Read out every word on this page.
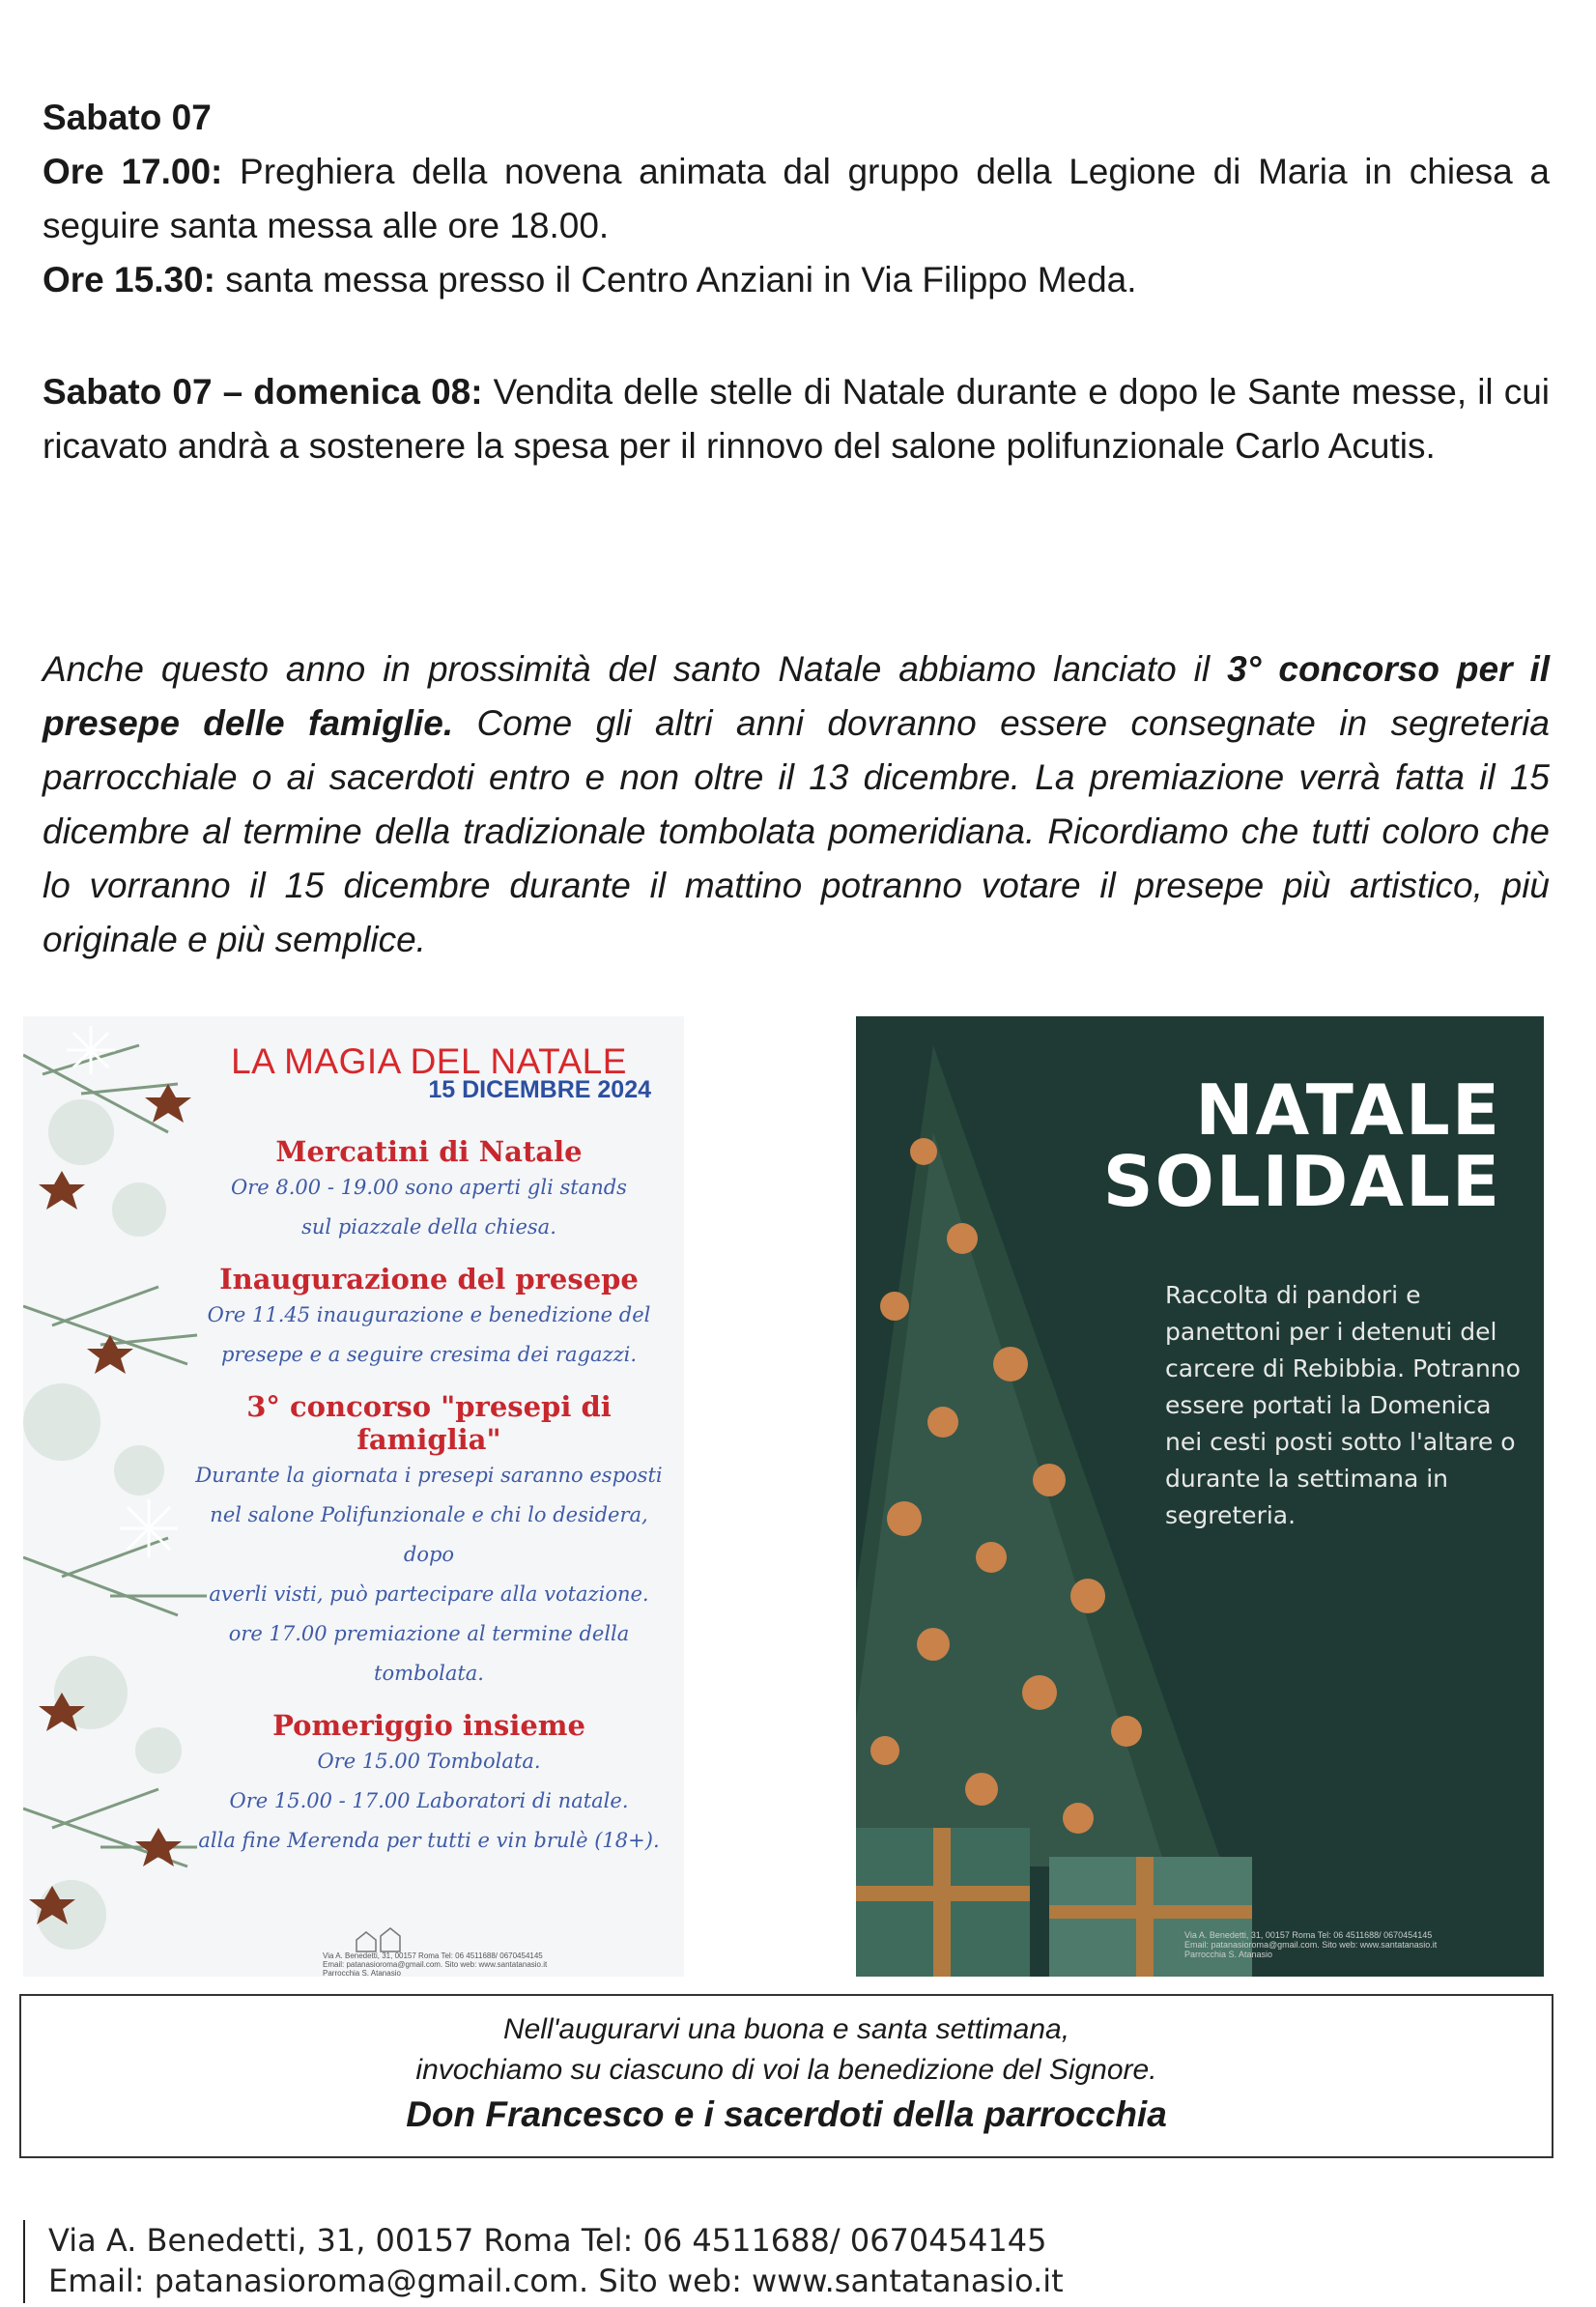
Sabato 07
Ore 17.00: Preghiera della novena animata dal gruppo della Legione di Maria in chiesa a seguire santa messa alle ore 18.00.
Ore 15.30: santa messa presso il Centro Anziani in Via Filippo Meda.
Sabato 07 – domenica 08: Vendita delle stelle di Natale durante e dopo le Sante messe, il cui ricavato andrà a sostenere la spesa per il rinnovo del salone polifunzionale Carlo Acutis.
Anche questo anno in prossimità del santo Natale abbiamo lanciato il 3° concorso per il presepe delle famiglie. Come gli altri anni dovranno essere consegnate in segreteria parrocchiale o ai sacerdoti entro e non oltre il 13 dicembre. La premiazione verrà fatta il 15 dicembre al termine della tradizionale tombolata pomeridiana. Ricordiamo che tutti coloro che lo vorranno il 15 dicembre durante il mattino potranno votare il presepe più artistico, più originale e più semplice.
LA MAGIA DEL NATALE
15 DICEMBRE 2024
Mercatini di Natale
Ore 8.00 - 19.00 sono aperti gli stands
sul piazzale della chiesa.
Inaugurazione del presepe
Ore 11.45 inaugurazione e benedizione del
presepe e a seguire cresima dei ragazzi.
3° concorso "presepi di
famiglia"
Durante la giornata i presepi saranno esposti
nel salone Polifunzionale e chi lo desidera, dopo
averli visti, può partecipare alla votazione.
ore 17.00 premiazione al termine della
tombolata.
Pomeriggio insieme
Ore 15.00 Tombolata.
Ore 15.00 - 17.00 Laboratori di natale.
alla fine Merenda per tutti e vin brulè (18+).
Via A. Benedetti, 31, 00157 Roma Tel: 06 4511688/ 0670454145
Email: patanasioroma@gmail.com. Sito web: www.santatanasio.it
Parrocchia S. Atanasio
NATALE
SOLIDALE
Raccolta di pandori e panettoni per i detenuti del carcere di Rebibbia. Potranno essere portati la Domenica nei cesti posti sotto l'altare o durante la settimana in segreteria.
Via A. Benedetti, 31, 00157 Roma Tel: 06 4511688/ 0670454145
Email: patanasioroma@gmail.com. Sito web: www.santatanasio.it
Parrocchia S. Atanasio
Nell'augurarvi una buona e santa settimana,
invochiamo su ciascuno di voi la benedizione del Signore.
Don Francesco e i sacerdoti della parrocchia
Via A. Benedetti, 31, 00157 Roma Tel: 06 4511688/ 0670454145
Email: patanasioroma@gmail.com. Sito web: www.santatanasio.it
